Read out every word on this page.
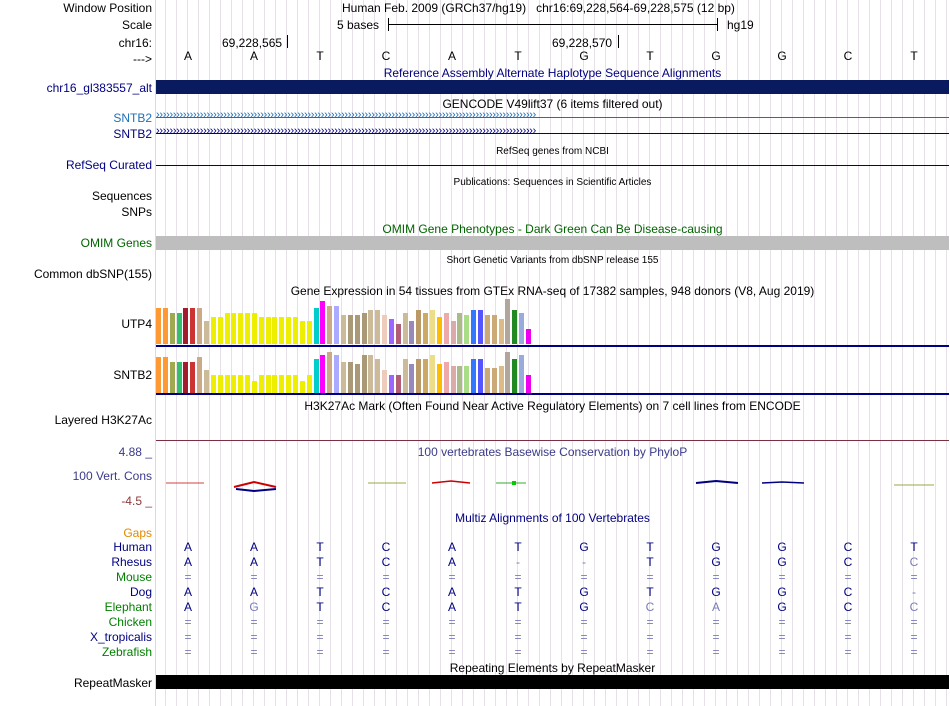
Window Position	Human Feb. 2009 (GRCh37/hg19)   chr16:69,228,564-69,228,575 (12 bp)
Scale	5 bases	hg19
chr16:	69,228,565	69,228,570
--->	A	A	T	C	A	T	G	T	G	G	C	T
Reference Assembly Alternate Haplotype Sequence Alignments
chr16_gl383557_alt
GENCODE V49lift37 (6 items filtered out)
SNTB2
SNTB2
›››››››››››››››››››››››››››››››››››››››››››››››››››››››››››››››››››››››››››››››››››››››››››››››››››››››››››››››››
›››››››››››››››››››››››››››››››››››››››››››››››››››››››››››››››››››››››››››››››››››››››››››››››››››››››››››››››››
RefSeq genes from NCBI
RefSeq Curated
Publications: Sequences in Scientific Articles
Sequences
SNPs
OMIM Gene Phenotypes - Dark Green Can Be Disease-causing
OMIM Genes
Short Genetic Variants from dbSNP release 155
Common dbSNP(155)
Gene Expression in 54 tissues from GTEx RNA-seq of 17382 samples, 948 donors (V8, Aug 2019)
UTP4
SNTB2
H3K27Ac Mark (Often Found Near Active Regulatory Elements) on 7 cell lines from ENCODE
Layered H3K27Ac
100 vertebrates Basewise Conservation by PhyloP
4.88 _
100 Vert. Cons
-4.5 _
Gaps
Multiz Alignments of 100 Vertebrates
Human	A	A	T	C	A	T	G	T	G	G	C	T
Rhesus	A	A	T	C	A	-	-	T	G	G	C	C
Mouse	=	=	=	=	=	=	=	=	=	=	=	=
Dog	A	A	T	C	A	T	G	T	G	G	C	-
Elephant	A	G	T	C	A	T	G	C	A	G	C	C
Chicken	=	=	=	=	=	=	=	=	=	=	=	=
X_tropicalis	=	=	=	=	=	=	=	=	=	=	=	=
Zebrafish	=	=	=	=	=	=	=	=	=	=	=	=
Repeating Elements by RepeatMasker
RepeatMasker
